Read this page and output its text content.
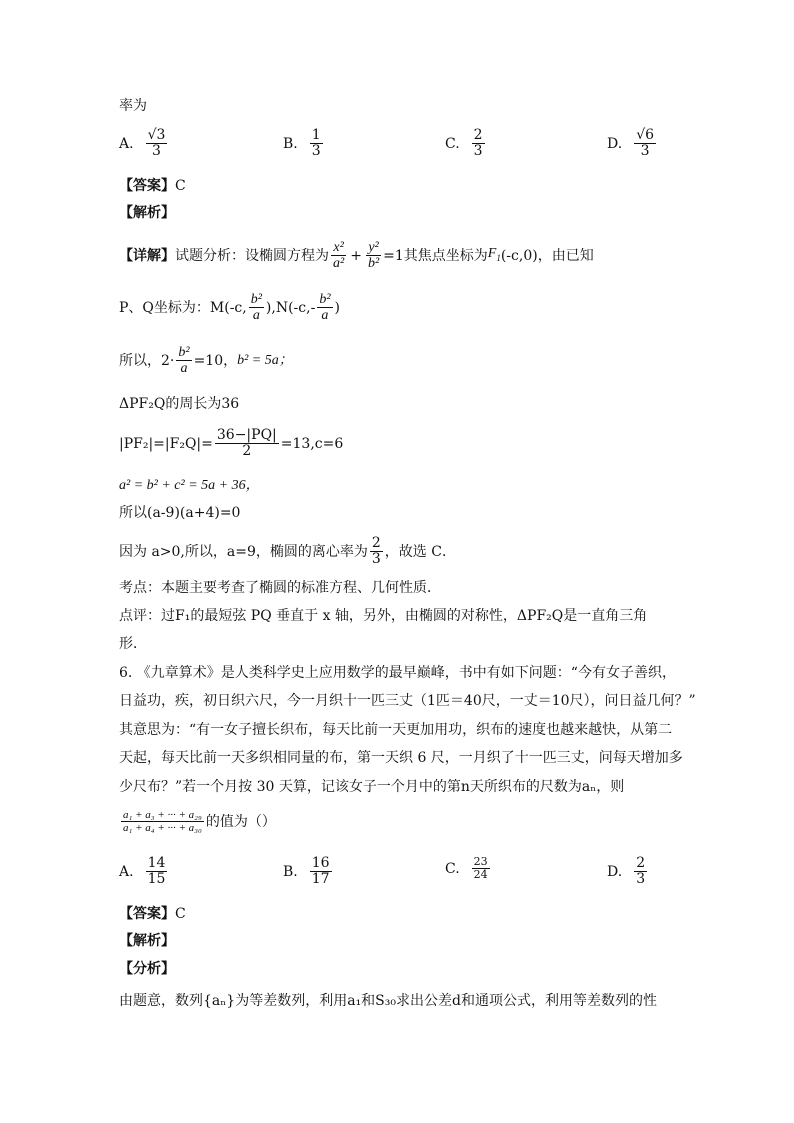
率为
A. $\frac{√3}{3}$	B. $\frac{1}{3}$	C. $\frac{2}{3}$	D. $\frac{√6}{3}$
【答案】C
【解析】
【详解】 试题分析：设椭圆方程为 $\frac{\text{x²}}{\text{a²}} + \frac{\text{y²}}{\text{b²}} =1$其焦点坐标为 $F_1$ (-c,0)，由已知
P、Q坐标为：M(-c, $\frac{\text{b²}}{a} ),N(-c,- \frac{\text{b²}}{a}$ )
所以，$2\cdot \frac{\text{b²}}{a} =10$， b² = 5a；
ΔPF₂Q的周长为36
$|PF_2|=|F_2Q|= \frac{36-|PQ|}{2} =13,c=6$
a² = b² + c² = 5a + 36，
所以(a-9)(a+4)=0
因为 a>0,所以，a=9，椭圆的离心率为 $\frac{2}{3}$ ，故选 C．
考点：本题主要考查了椭圆的标准方程、几何性质．
点评：过F₁的最短弦 PQ 垂直于 x 轴，另外，由椭圆的对称性，ΔPF₂Q是一直角三角
形．
6. 《九章算术》是人类科学史上应用数学的最早巅峰，书中有如下问题：“今有女子善织，
日益功，疾，初日织六尺，今一月织十一匹三丈（1匹＝40尺，一丈＝10尺），问日益几何？”
其意思为：“有一女子擅长织布，每天比前一天更加用功，织布的速度也越来越快，从第二
天起，每天比前一天多织相同量的布，第一天织 6 尺，一月织了十一匹三丈，问每天增加多
少尺布？”若一个月按 30 天算，记该女子一个月中的第n天所织布的尺数为aₙ，则
$\frac{\text{a₁ + a₃ + ··· + a₂₉}}{\text{a₁ + a₄ + ··· + a₃₀}}$ 的值为（）
A. $\frac{14}{15}$	B. $\frac{16}{17}$	C. $\frac{23}{24}$	D. $\frac{2}{3}$
【答案】C
【解析】
【分析】
由题意，数列{aₙ}为等差数列，利用a₁和S₃₀求出公差d和通项公式，利用等差数列的性
